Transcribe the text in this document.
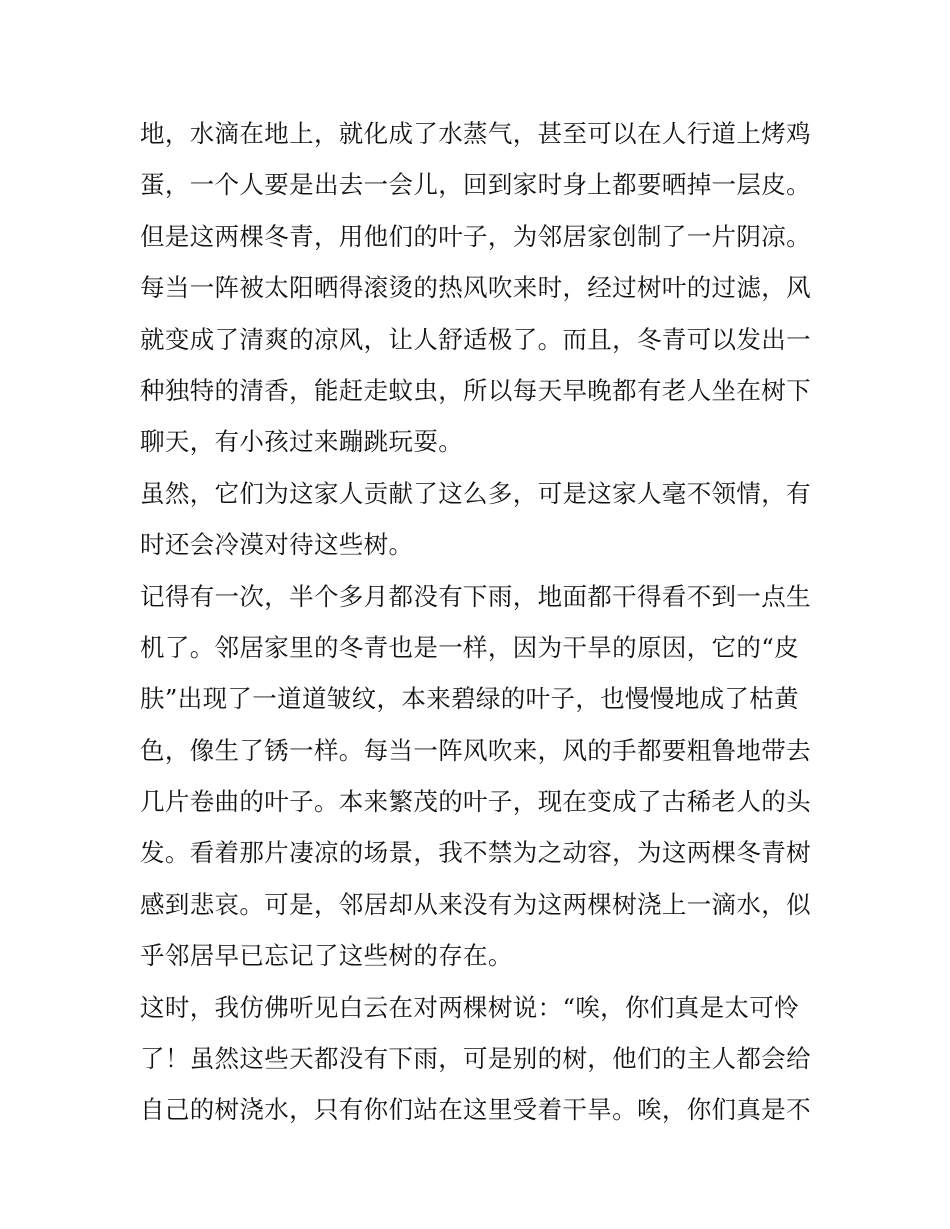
地，水滴在地上，就化成了水蒸气，甚至可以在人行道上烤鸡
蛋，一个人要是出去一会儿，回到家时身上都要晒掉一层皮。
但是这两棵冬青，用他们的叶子，为邻居家创制了一片阴凉。
每当一阵被太阳晒得滚烫的热风吹来时，经过树叶的过滤，风
就变成了清爽的凉风，让人舒适极了。而且，冬青可以发出一
种独特的清香，能赶走蚊虫，所以每天早晚都有老人坐在树下
聊天，有小孩过来蹦跳玩耍。
虽然，它们为这家人贡献了这么多，可是这家人毫不领情，有
时还会冷漠对待这些树。
记得有一次，半个多月都没有下雨，地面都干得看不到一点生
机了。邻居家里的冬青也是一样，因为干旱的原因，它的“皮
肤”出现了一道道皱纹，本来碧绿的叶子，也慢慢地成了枯黄
色，像生了锈一样。每当一阵风吹来，风的手都要粗鲁地带去
几片卷曲的叶子。本来繁茂的叶子，现在变成了古稀老人的头
发。看着那片凄凉的场景，我不禁为之动容，为这两棵冬青树
感到悲哀。可是，邻居却从来没有为这两棵树浇上一滴水，似
乎邻居早已忘记了这些树的存在。
这时，我仿佛听见白云在对两棵树说：“唉，你们真是太可怜
了！虽然这些天都没有下雨，可是别的树，他们的主人都会给
自己的树浇水，只有你们站在这里受着干旱。唉，你们真是不
